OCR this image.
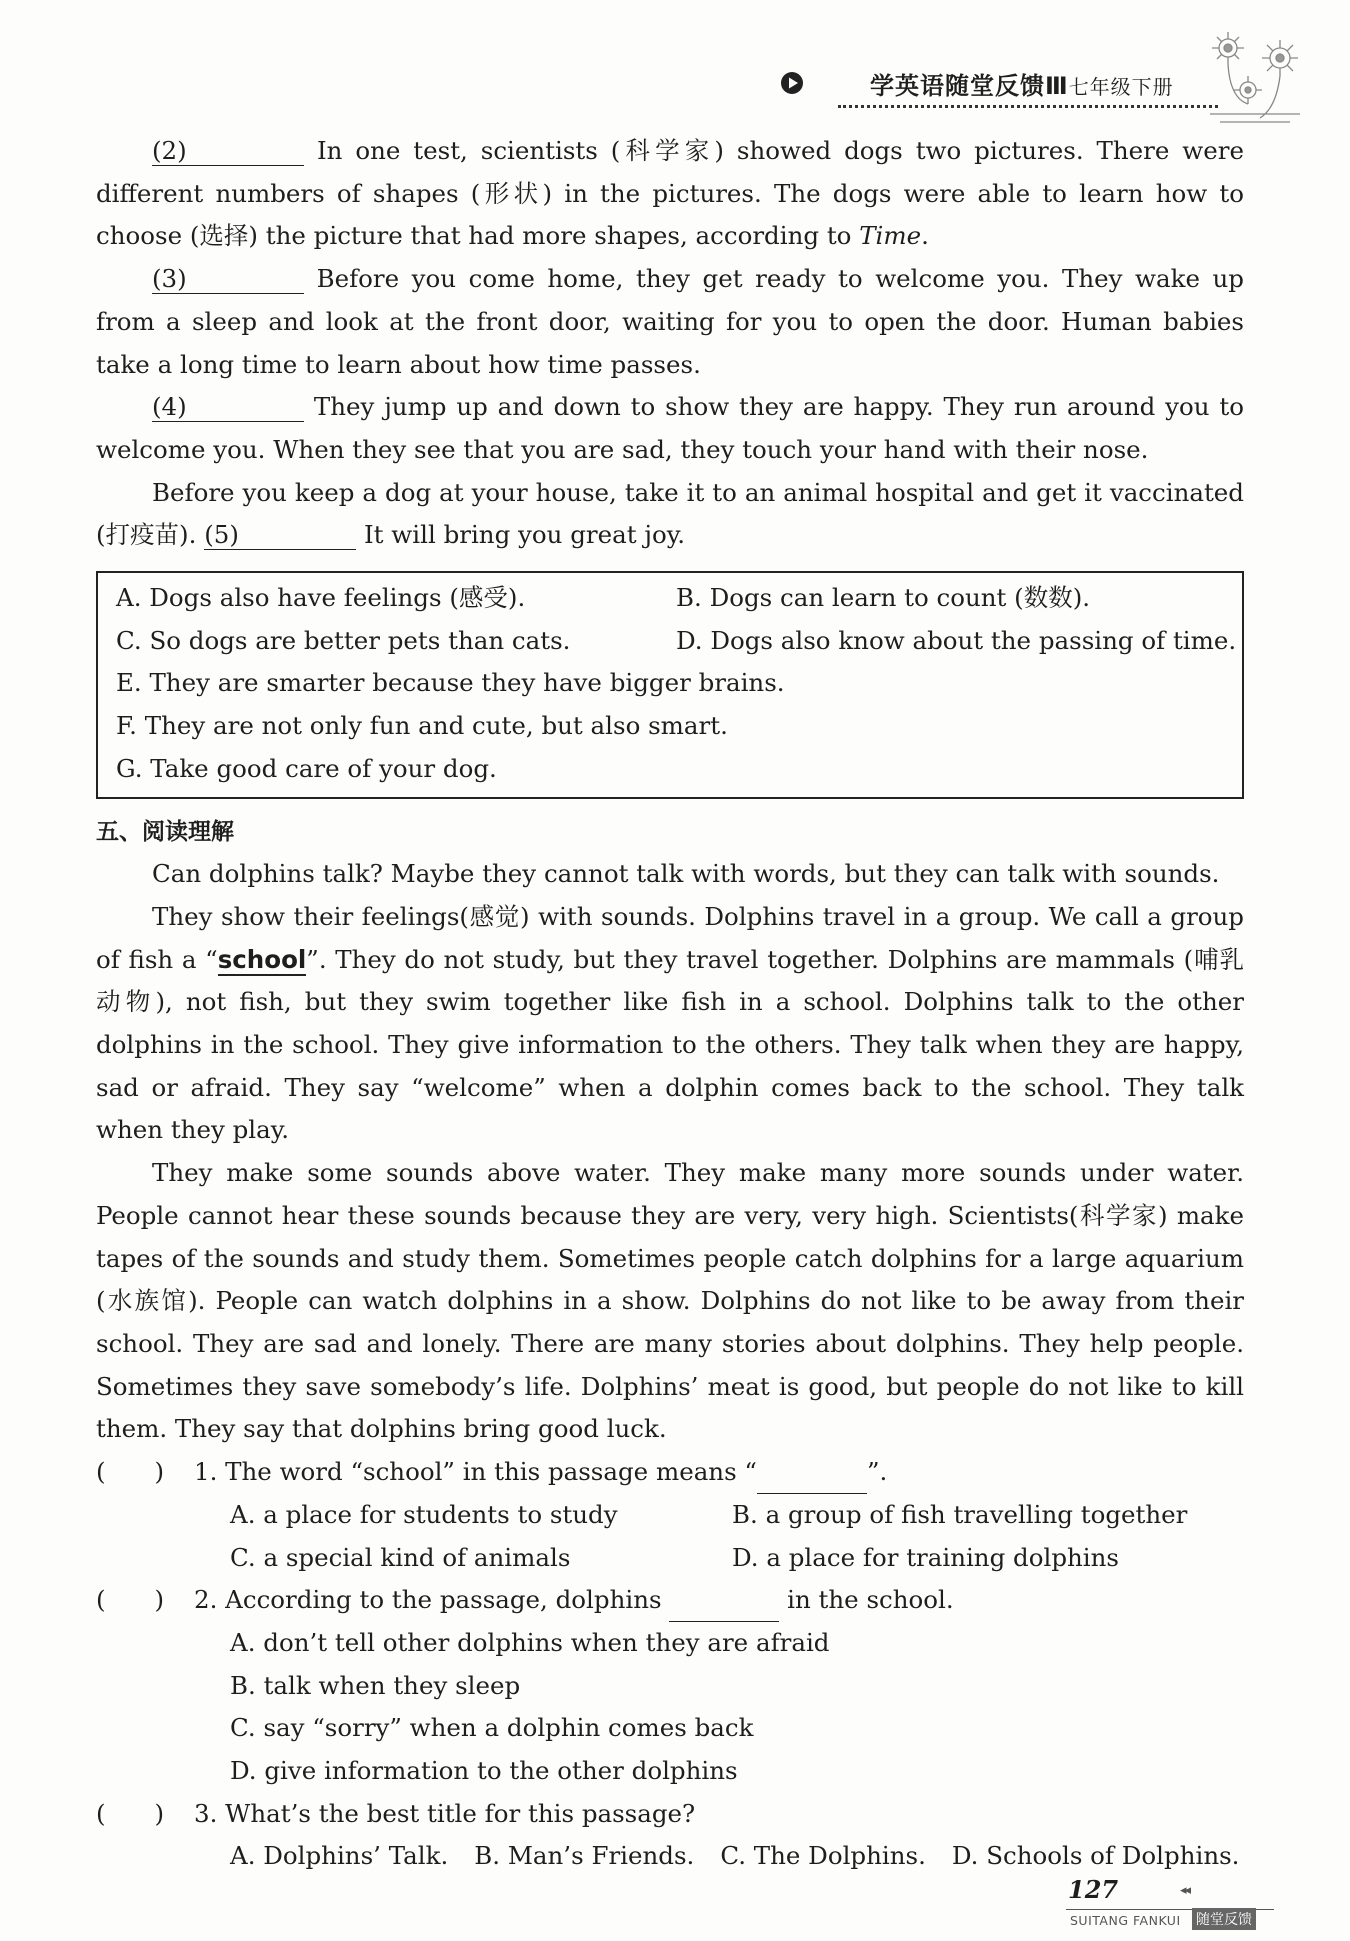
学英语随堂反馈Ⅲ七年级下册

(2)	In one test, scientists (科学家) showed dogs two pictures. There were different numbers of shapes (形状) in the pictures. The dogs were able to learn how to choose (选择) the picture that had more shapes, according to Time.

(3)	Before you come home, they get ready to welcome you. They wake up from a sleep and look at the front door, waiting for you to open the door. Human babies take a long time to learn about how time passes.

(4)	They jump up and down to show they are happy. They run around you to welcome you. When they see that you are sad, they touch your hand with their nose.

Before you keep a dog at your house, take it to an animal hospital and get it vaccinated (打疫苗). (5)	It will bring you great joy.

A. Dogs also have feelings (感受).	B. Dogs can learn to count (数数).
C. So dogs are better pets than cats.	D. Dogs also know about the passing of time.
E. They are smarter because they have bigger brains.
F. They are not only fun and cute, but also smart.
G. Take good care of your dog.
五、阅读理解

Can dolphins talk? Maybe they cannot talk with words, but they can talk with sounds.

They show their feelings(感觉) with sounds. Dolphins travel in a group. We call a group of fish a “school”. They do not study, but they travel together. Dolphins are mammals (哺乳动物), not fish, but they swim together like fish in a school. Dolphins talk to the other dolphins in the school. They give information to the others. They talk when they are happy, sad or afraid. They say “welcome” when a dolphin comes back to the school. They talk when they play.

They make some sounds above water. They make many more sounds under water. People cannot hear these sounds because they are very, very high. Scientists(科学家) make tapes of the sounds and study them. Sometimes people catch dolphins for a large aquarium (水族馆). People can watch dolphins in a show. Dolphins do not like to be away from their school. They are sad and lonely. There are many stories about dolphins. They help people. Sometimes they save somebody’s life. Dolphins’ meat is good, but people do not like to kill them. They say that dolphins bring good luck.

(　　)	1. The word “school” in this passage means “	”.
A. a place for students to study	B. a group of fish travelling together
C. a special kind of animals	D. a place for training dolphins
(　　)	2. According to the passage, dolphins

	in the school.
A. don’t tell other dolphins when they are afraid
B. talk when they sleep
C. say “sorry” when a dolphin comes back
D. give information to the other dolphins
(　　)	3. What’s the best title for this passage?
A. Dolphins’ Talk. B. Man’s Friends. C. The Dolphins. D. Schools of Dolphins.
127	◂◂
SUITANG FANKUI 随堂反馈
